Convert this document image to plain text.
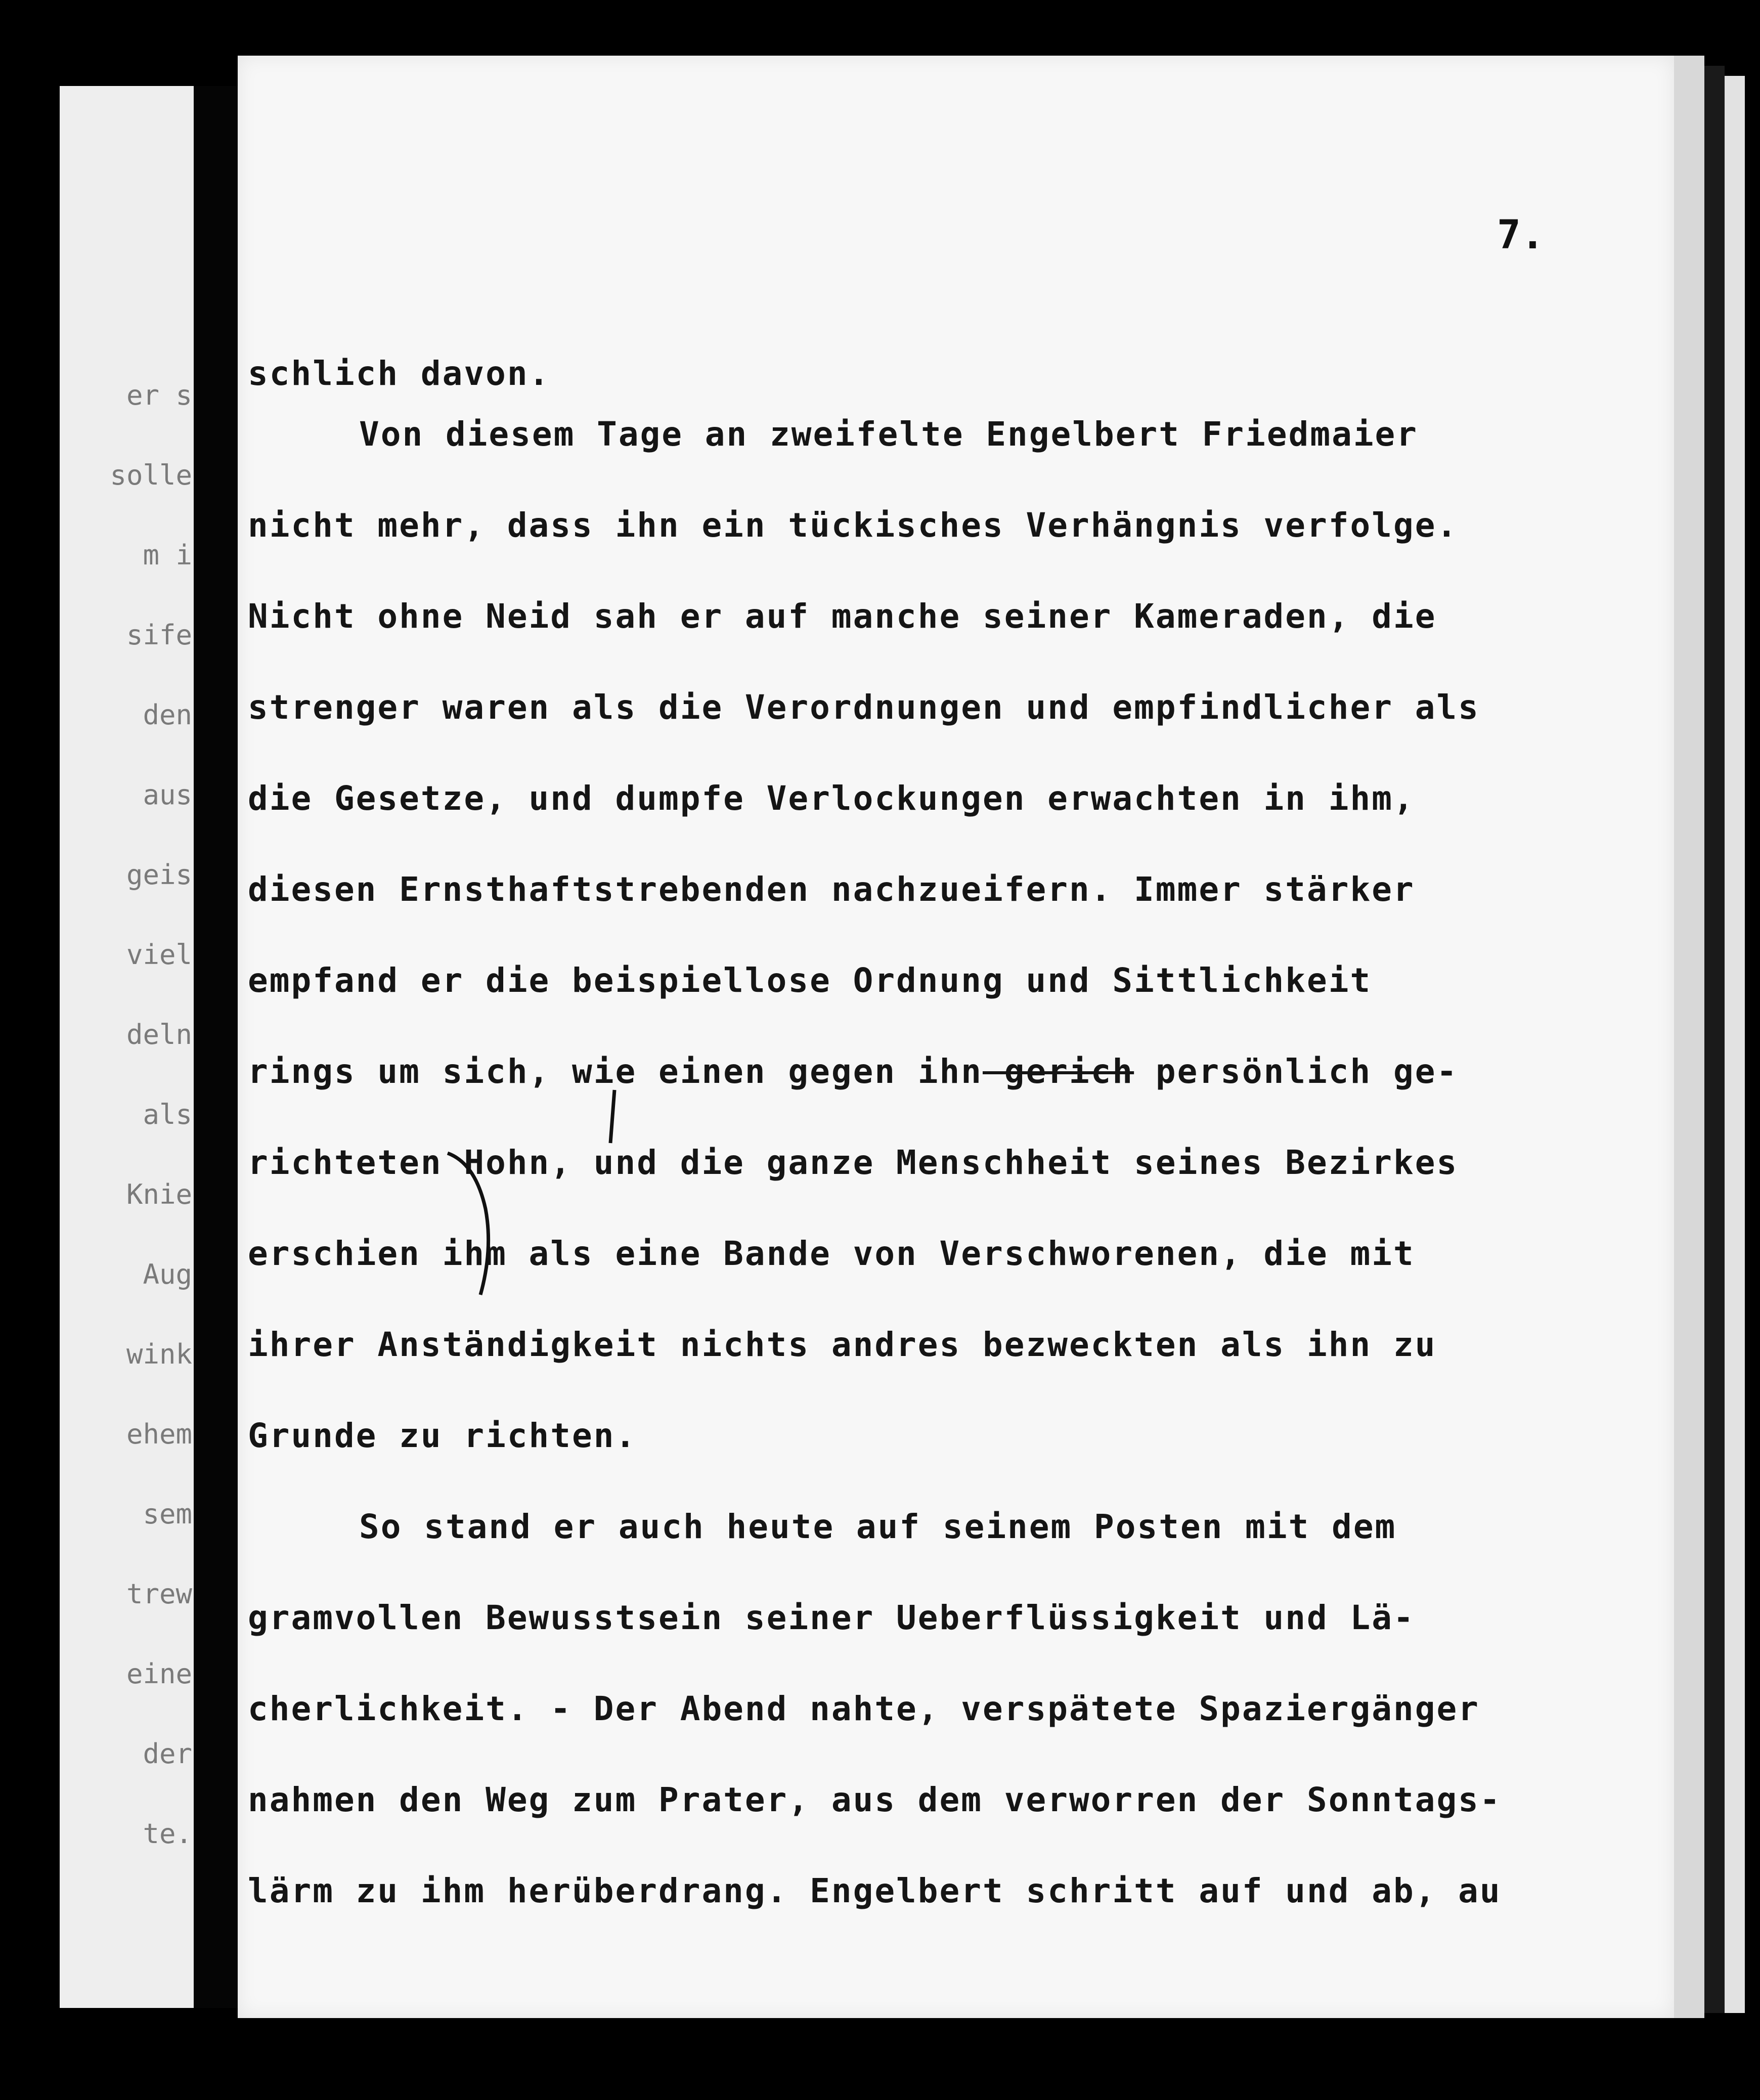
er s
solle
m i
sife
den
aus
geis
viel
deln
als
Knie
Aug
wink
ehem
sem
trew
eine
der
te.
7.
schlich davon.
Von diesem Tage an zweifelte Engelbert Friedmaier
nicht mehr, dass ihn ein tückisches Verhängnis verfolge.
Nicht ohne Neid sah er auf manche seiner Kameraden, die
strenger waren als die Verordnungen und empfindlicher als
die Gesetze, und dumpfe Verlockungen erwachten in ihm,
diesen Ernsthaftstrebenden nachzueifern. Immer stärker
empfand er die beispiellose Ordnung und Sittlichkeit
rings um sich, wie einen gegen ihn gerich persönlich ge-
richteten Hohn, und die ganze Menschheit seines Bezirkes
erschien ihm als eine Bande von Verschworenen, die mit
ihrer Anständigkeit nichts andres bezweckten als ihn zu
Grunde zu richten.
So stand er auch heute auf seinem Posten mit dem
gramvollen Bewusstsein seiner Ueberflüssigkeit und Lä-
cherlichkeit. - Der Abend nahte, verspätete Spaziergänger
nahmen den Weg zum Prater, aus dem verworren der Sonntags-
lärm zu ihm herüberdrang. Engelbert schritt auf und ab, au
